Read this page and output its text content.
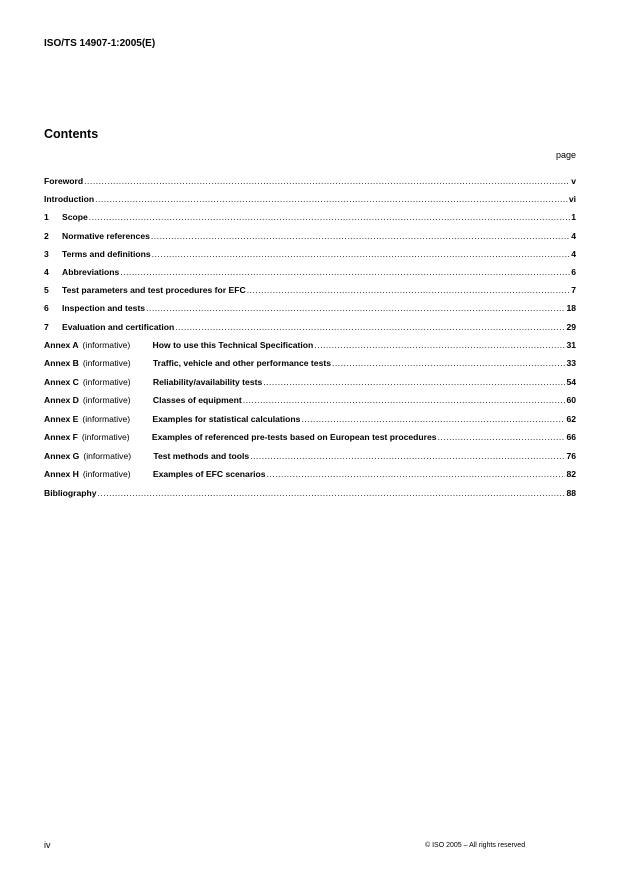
ISO/TS 14907-1:2005(E)
Contents
page
Foreword .....	v
Introduction .....	vi
1	Scope .....	1
2	Normative references .....	4
3	Terms and definitions .....	4
4	Abbreviations .....	6
5	Test parameters and test procedures for EFC .....	7
6	Inspection and tests .....	18
7	Evaluation and certification .....	29
Annex A (informative)	How to use this Technical Specification .....	31
Annex B (informative)	Traffic, vehicle and other performance tests .....	33
Annex C (informative)	Reliability/availability tests .....	54
Annex D (informative)	Classes of equipment .....	60
Annex E (informative)	Examples for statistical calculations .....	62
Annex F (informative)	Examples of referenced pre-tests based on European test procedures .....	66
Annex G (informative)	Test methods and tools .....	76
Annex H (informative)	Examples of EFC scenarios .....	82
Bibliography .....	88
iv	© ISO 2005 – All rights reserved
